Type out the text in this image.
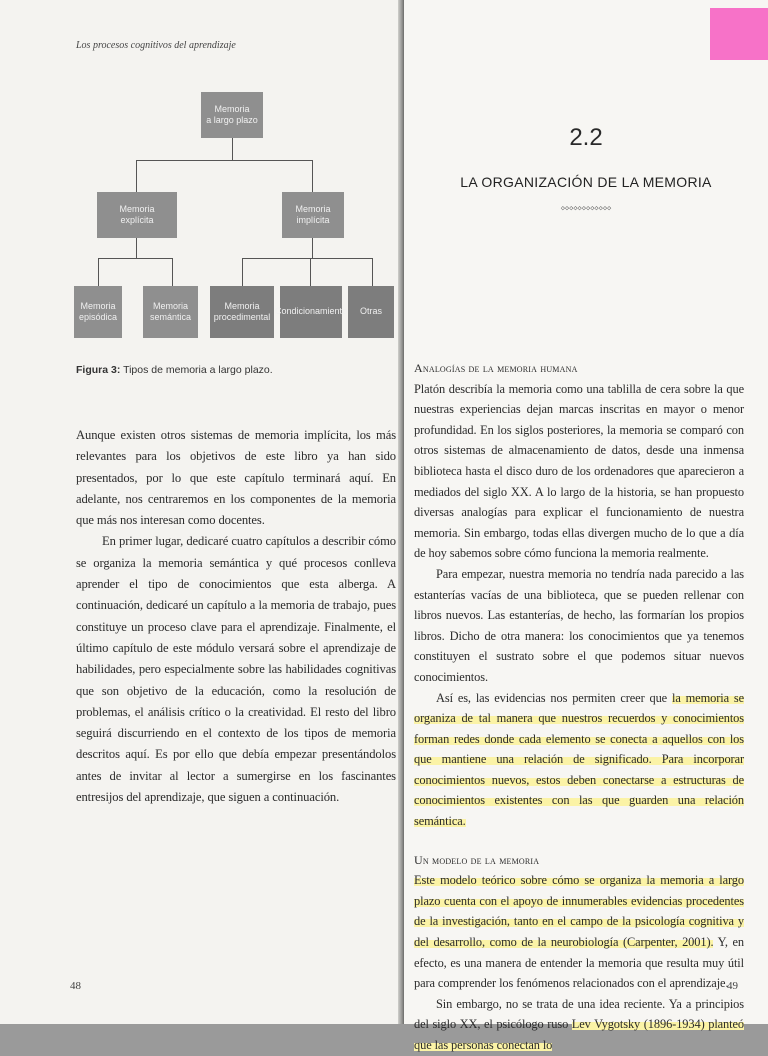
Los procesos cognitivos del aprendizaje
Memoria
a largo plazo
Memoria
explícita
Memoria
implícita
Memoria
episódica
Memoria
semántica
Memoria
procedimental
Condicionamiento Otras
Figura 3: Tipos de memoria a largo plazo.

Aunque existen otros sistemas de memoria implícita, los más relevantes para los objetivos de este libro ya han sido presentados, por lo que este capítulo terminará aquí. En adelante, nos centraremos en los componentes de la memoria que más nos interesan como docentes.

En primer lugar, dedicaré cuatro capítulos a describir cómo se organiza la memoria semántica y qué procesos conlleva aprender el tipo de conocimientos que esta alberga. A continuación, dedicaré un capítulo a la memoria de trabajo, pues constituye un proceso clave para el aprendizaje. Finalmente, el último capítulo de este módulo versará sobre el aprendizaje de habilidades, pero especialmente sobre las habilidades cognitivas que son objetivo de la educación, como la resolución de problemas, el análisis crítico o la creatividad. El resto del libro seguirá discurriendo en el contexto de los tipos de memoria descritos aquí. Es por ello que debía empezar presentándolos antes de invitar al lector a sumergirse en los fascinantes entresijos del aprendizaje, que siguen a continuación.

48
2.2
LA ORGANIZACIÓN DE LA MEMORIA
◇◇◇◇◇◇◇◇◇◇◇◇
Analogías de la memoria humana

Platón describía la memoria como una tablilla de cera sobre la que nuestras experiencias dejan marcas inscritas en mayor o menor profundidad. En los siglos posteriores, la memoria se comparó con otros sistemas de almacenamiento de datos, desde una inmensa biblioteca hasta el disco duro de los ordenadores que aparecieron a mediados del siglo XX. A lo largo de la historia, se han propuesto diversas analogías para explicar el funcionamiento de nuestra memoria. Sin embargo, todas ellas divergen mucho de lo que a día de hoy sabemos sobre cómo funciona la memoria realmente.

Para empezar, nuestra memoria no tendría nada parecido a las estanterías vacías de una biblioteca, que se pueden rellenar con libros nuevos. Las estanterías, de hecho, las formarían los propios libros. Dicho de otra manera: los conocimientos que ya tenemos constituyen el sustrato sobre el que podemos situar nuevos conocimientos.

Así es, las evidencias nos permiten creer que la memoria se organiza de tal manera que nuestros recuerdos y conocimientos forman redes donde cada elemento se conecta a aquellos con los que mantiene una relación de significado. Para incorporar conocimientos nuevos, estos deben conectarse a estructuras de conocimientos existentes con las que guarden una relación semántica.

Un modelo de la memoria

Este modelo teórico sobre cómo se organiza la memoria a largo plazo cuenta con el apoyo de innumerables evidencias procedentes de la investigación, tanto en el campo de la psicología cognitiva y del desarrollo, como de la neurobiología (Carpenter, 2001). Y, en efecto, es una manera de entender la memoria que resulta muy útil para comprender los fenómenos relacionados con el aprendizaje.

Sin embargo, no se trata de una idea reciente. Ya a principios del siglo XX, el psicólogo ruso Lev Vygotsky (1896-1934) planteó que las personas conectan lo

49
